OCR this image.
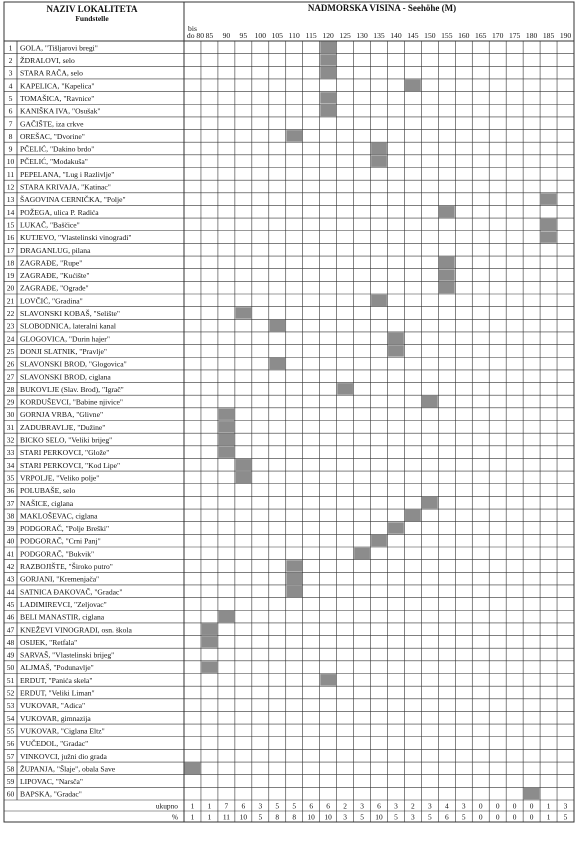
NAZIV LOKALITETA
Fundstelle
NADMORSKA VISINA - Seehöhe (M)
bis
do 80 85 90 95 100 105 110 115 120 125 130 135 140 145 150 155 160 165 170 175 180 185 190
1 GOLA, "Tišljarovi bregi"
2 ŽDRALOVI, selo
3 STARA RAČA, selo
4 KAPELICA, "Kapelica"
5 TOMAŠICA, "Ravnice"
6 KANIŠKA IVA, "Osušak"
7 GAČIŠTE, iza crkve
8 OREŠAC, "Dvorine"
9 PČELIĆ, "Dakino brdo"
10 PČELIĆ, "Modakuša"
11 PEPELANA, "Lug i Razlivlje"
12 STARA KRIVAJA, "Katinac"
13 ŠAGOVINA CERNIČKA, "Polje"
14 POŽEGA, ulica P. Radića
15 LUKAČ, "Baščice"
16 KUTJEVO, "Vlastelinski vinogradi"
17 DRAGANLUG, pilana
18 ZAGRAĐE, "Rupe"
19 ZAGRAĐE, "Kućište"
20 ZAGRAĐE, "Ograđe"
21 LOVČIĆ, "Gradina"
22 SLAVONSKI KOBAŠ, "Selište"
23 SLOBODNICA, lateralni kanal
24 GLOGOVICA, "Durin hajer"
25 DONJI SLATNIK, "Pravlje"
26 SLAVONSKI BROD, "Glogovica"
27 SLAVONSKI BROD, ciglana
28 BUKOVLJE (Slav. Brod), "Igrač"
29 KORDUŠEVCI, "Babine njivice"
30 GORNJA VRBA, "Glivne"
31 ZADUBRAVLJE, "Dužine"
32 BICKO SELO, "Veliki brijeg"
33 STARI PERKOVCI, "Glože"
34 STARI PERKOVCI, "Kod Lipe"
35 VRPOLJE, "Veliko polje"
36 POLUBAŠE, selo
37 NAŠICE, ciglana
38 MAKLOŠEVAC, ciglana
39 PODGORAČ, "Polje Breški"
40 PODGORAČ, "Crni Panj"
41 PODGORAČ, "Bukvik"
42 RAZBOJIŠTE, "Široko putro"
43 GORJANI, "Kremenjača"
44 SATNICA ĐAKOVAČ, "Gradac"
45 LADIMIREVCI, "Zeljovac"
46 BELI MANASTIR, ciglana
47 KNEŽEVI VINOGRADI, osn. škola
48 OSIJEK, "Retfala"
49 SARVAŠ, "Vlastelinski brijeg"
50 ALJMAŠ, "Podunavlje"
51 ERDUT, "Panića skela"
52 ERDUT, "Veliki Liman"
53 VUKOVAR, "Adica"
54 VUKOVAR, gimnazija
55 VUKOVAR, "Ciglana Eltz"
56 VUČEDOL, "Gradac"
57 VINKOVCI, južni dio grada
58 ŽUPANJA, "Šlaje", obala Save
59 LIPOVAC, "Narsča"
60 BAPSKA, "Gradac"
ukupno
%
1 1 7 6 3 5 5 6 6 2 3 6 3 2 3 4 3 0 0 0 0 1 3
1 1 11 10 5 8 8 10 10 3 5 10 5 3 5 6 5 0 0 0 0 1 5
